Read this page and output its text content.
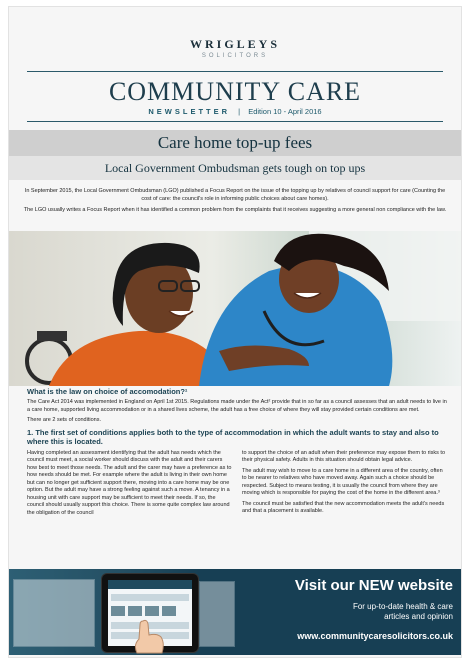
WRIGLEYS
SOLICITORS
COMMUNITY CARE
NEWSLETTER | Edition 10 - April 2016
Care home top-up fees
Local Government Ombudsman gets tough on top ups

In September 2015, the Local Government Ombudsman (LGO) published a Focus Report on the issue of the topping up by relatives of council support for care (Counting the cost of care: the council's role in informing public choices about care homes).

The LGO usually writes a Focus Report when it has identified a common problem from the complaints that it receives suggesting a more general non compliance with the law.

What is the law on choice of accomodation?¹

The Care Act 2014 was implemented in England on April 1st 2015. Regulations made under the Act² provide that in so far as a council assesses that an adult needs to live in a care home, supported living accommodation or in a shared lives scheme, the adult has a free choice of where they will stay provided certain conditions are met.

There are 2 sets of conditions.

1. The first set of conditions applies both to the type of accommodation in which the adult wants to stay and also to where this is located.

Having completed an assessment identifying that the adult has needs which the council must meet, a social worker should discuss with the adult and their carers how best to meet those needs. The adult and the carer may have a preference as to how needs should be met. For example where the adult is living in their own home but can no longer get sufficient support there, moving into a care home may be one option. But the adult may have a strong feeling against such a move. A tenancy in a housing unit with care support may be sufficient to meet their needs. If so, the council should usually support this choice. There is some quite complex law around the obligation of the council

to support the choice of an adult when their preference may expose them to risks to their physical safety. Adults in this situation should obtain legal advice.

The adult may wish to move to a care home in a different area of the country, often to be nearer to relatives who have moved away. Again such a choice should be respected. Subject to means testing, it is usually the council from where they are moving which is responsible for paying the cost of the home in the different area.³

The council must be satisfied that the new accommodation meets the adult's needs and that a placement is available.

Visit our NEW website
For up-to-date health & care
articles and opinion
www.communitycaresolicitors.co.uk
